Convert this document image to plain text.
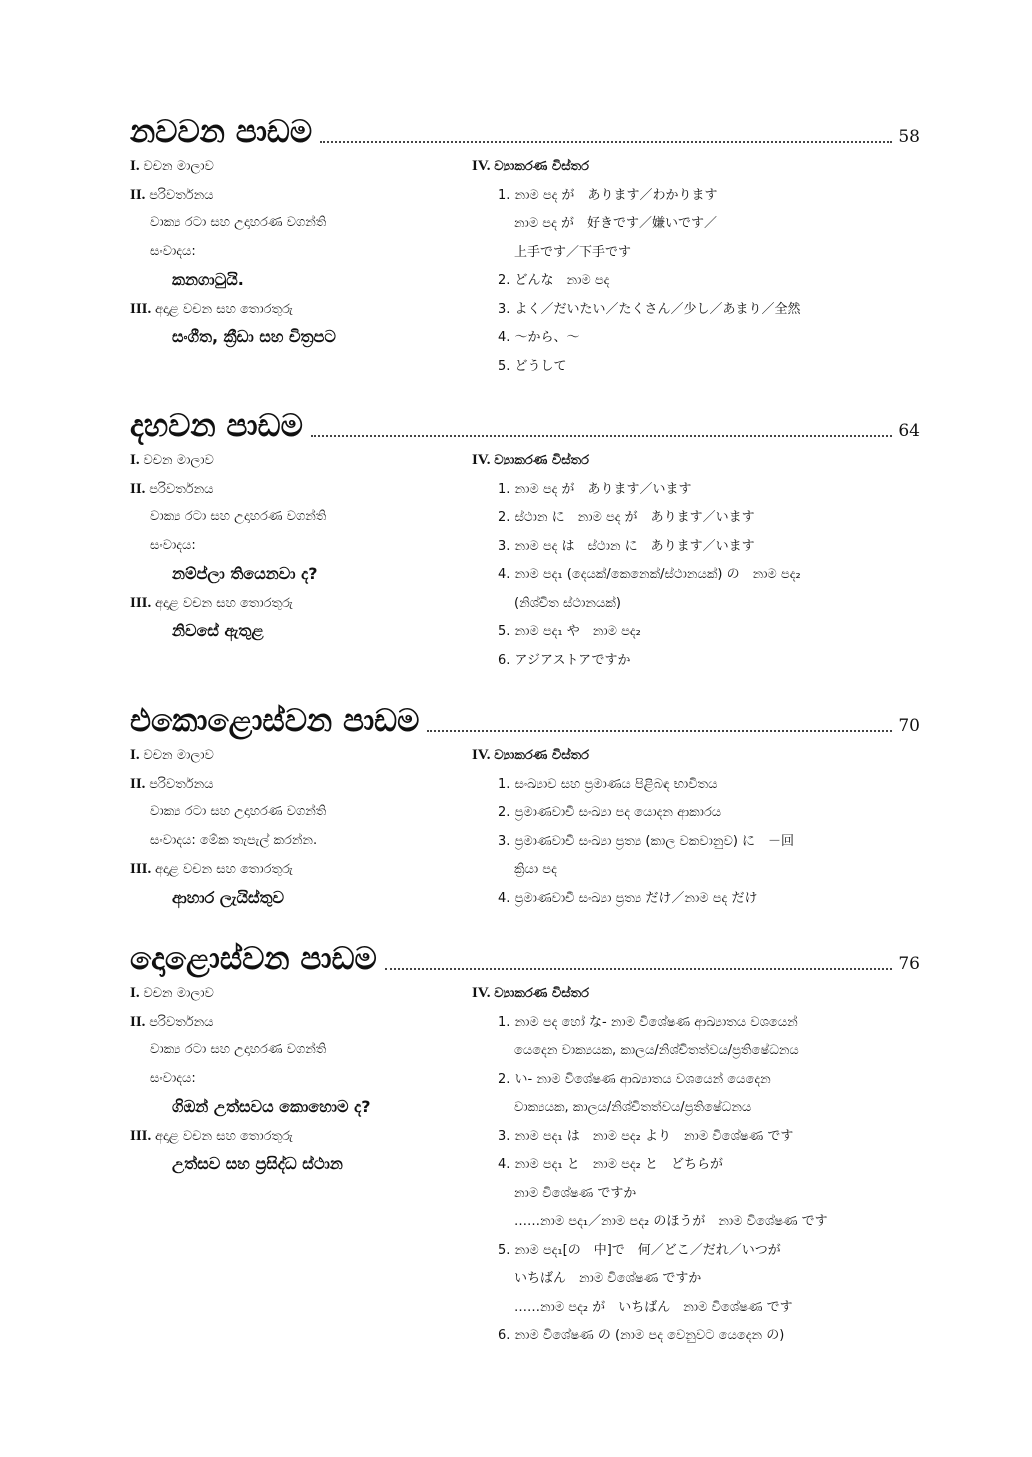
නවවන පාඩම	58
I. වචන මාලාව
II. පරිවර්තනය
වාක්‍ය රටා සහ උදාහරණ වගන්ති
සංවාදය:
කනගාටුයි.
III. අදාළ වචන සහ තොරතුරු
සංගීත, ක්‍රීඩා සහ චිත්‍රපට
IV. ව්‍යාකරණ විස්තර
1. නාම පද が　あります／わかります
නාම පද が　好きです／嫌いです／
上手です／下手です
2. どんな　නාම පද
3. よく／だいたい／たくさん／少し／あまり／全然
4. ～から、～
5. どうして
දහවන පාඩම	64
I. වචන මාලාව
II. පරිවර්තනය
වාක්‍ය රටා සහ උදාහරණ වගන්ති
සංවාදය:
නම්ප්ලා තියෙනවා ද?
III. අදාළ වචන සහ තොරතුරු
නිවසේ ඇතුළ
IV. ව්‍යාකරණ විස්තර
1. නාම පද が　あります／います
2. ස්ථාන に　නාම පද が　あります／います
3. නාම පද は　ස්ථාන に　あります／います
4. නාම පද₁ (දෙයක්/කෙනෙක්/ස්ථානයක්) の　නාම පද₂
(නිශ්චිත ස්ථානයක්)
5. නාම පද₁ や　නාම පද₂
6. アジアストアですか
එකොළොස්වන පාඩම	70
I. වචන මාලාව
II. පරිවර්තනය
වාක්‍ය රටා සහ උදාහරණ වගන්ති
සංවාදය: මේක තැපැල් කරන්න.
III. අදාළ වචන සහ තොරතුරු
ආහාර ලැයිස්තුව
IV. ව්‍යාකරණ විස්තර
1. සංඛ්‍යාව සහ ප්‍රමාණය පිළිබඳ භාවිතය
2. ප්‍රමාණවාචී සංඛ්‍යා පද යොදන ආකාරය
3. ප්‍රමාණවාචී සංඛ්‍යා ප්‍රත්‍ය (කාල වකවානුව) に　－回
ක්‍රියා පද
4. ප්‍රමාණවාචී සංඛ්‍යා ප්‍රත්‍ය だけ／නාම පද だけ
දොළොස්වන පාඩම	76
I. වචන මාලාව
II. පරිවර්තනය
වාක්‍ය රටා සහ උදාහරණ වගන්ති
සංවාදය:
ගිඔන් උත්සවය කොහොම ද?
III. අදාළ වචන සහ තොරතුරු
උත්සව සහ ප්‍රසිද්ධ ස්ථාන
IV. ව්‍යාකරණ විස්තර
1. නාම පද හෝ な- නාම විශේෂණ ආඛ්‍යාතය වශයෙන්
යෙදෙන වාක්‍යයක, කාලය/නිශ්චිතත්වය/ප්‍රතිෂේධනය
2. い- නාම විශේෂණ ආඛ්‍යාතය වශයෙන් යෙදෙන
වාක්‍යයක, කාලය/නිශ්චිතත්වය/ප්‍රතිෂේධනය
3. නාම පද₁ は　නාම පද₂ より　නාම විශේෂණ です
4. නාම පද₁ と　නාම පද₂ と　どちらが
නාම විශේෂණ ですか
……නාම පද₁／නාම පද₂ のほうが　නාම විශේෂණ です
5. නාම පද₁[の　中]で　何／どこ／だれ／いつが
いちばん　නාම විශේෂණ ですか
……නාම පද₂ が　いちばん　නාම විශේෂණ です
6. නාම විශේෂණ の (නාම පද වෙනුවට යෙදෙන の)
